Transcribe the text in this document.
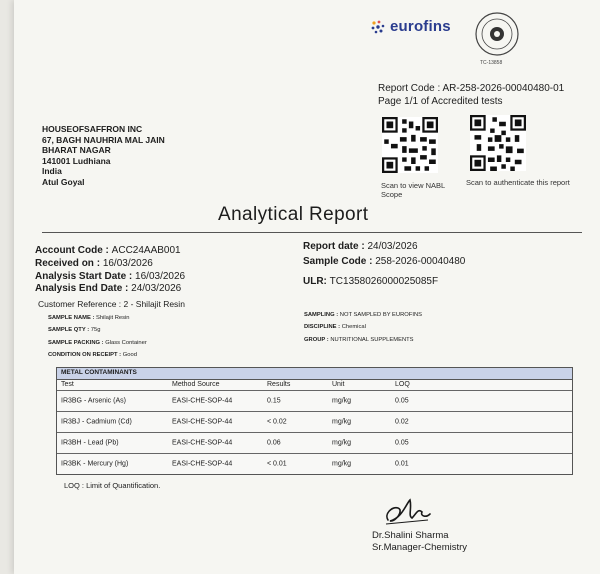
eurofins
TC-13858
Report Code : AR-258-2026-00040480-01
Page 1/1 of Accredited tests
HOUSEOFSAFFRON INC
67, BAGH NAUHRIA MAL JAIN
BHARAT NAGAR
141001 Ludhiana
India
Atul Goyal	Scan to view NABL Scope
Scan to authenticate this report
Analytical Report
Account Code : ACC24AAB001
Received on : 16/03/2026
Analysis Start Date : 16/03/2026
Analysis End Date : 24/03/2026
Report date : 24/03/2026
Sample Code : 258-2026-00040480
ULR: TC1358026000025085F
Customer Reference : 2 - Shilajit Resin
SAMPLE NAME : Shilajit Resin
SAMPLE QTY : 75g
SAMPLE PACKING : Glass Container
CONDITION ON RECEIPT : Good
SAMPLING : NOT SAMPLED BY EUROFINS
DISCIPLINE : Chemical
GROUP : NUTRITIONAL SUPPLEMENTS
METAL CONTAMINANTS
Test	Method Source	Results	Unit	LOQ
IR3BG - Arsenic (As)	EASI-CHE-SOP-44	0.15	mg/kg	0.05
IR3BJ - Cadmium (Cd)	EASI-CHE-SOP-44	< 0.02	mg/kg	0.02
IR3BH - Lead (Pb)	EASI-CHE-SOP-44	0.06	mg/kg	0.05
IR3BK - Mercury (Hg)	EASI-CHE-SOP-44	< 0.01	mg/kg	0.01
LOQ : Limit of Quantification.
Dr.Shalini Sharma
Sr.Manager-Chemistry
